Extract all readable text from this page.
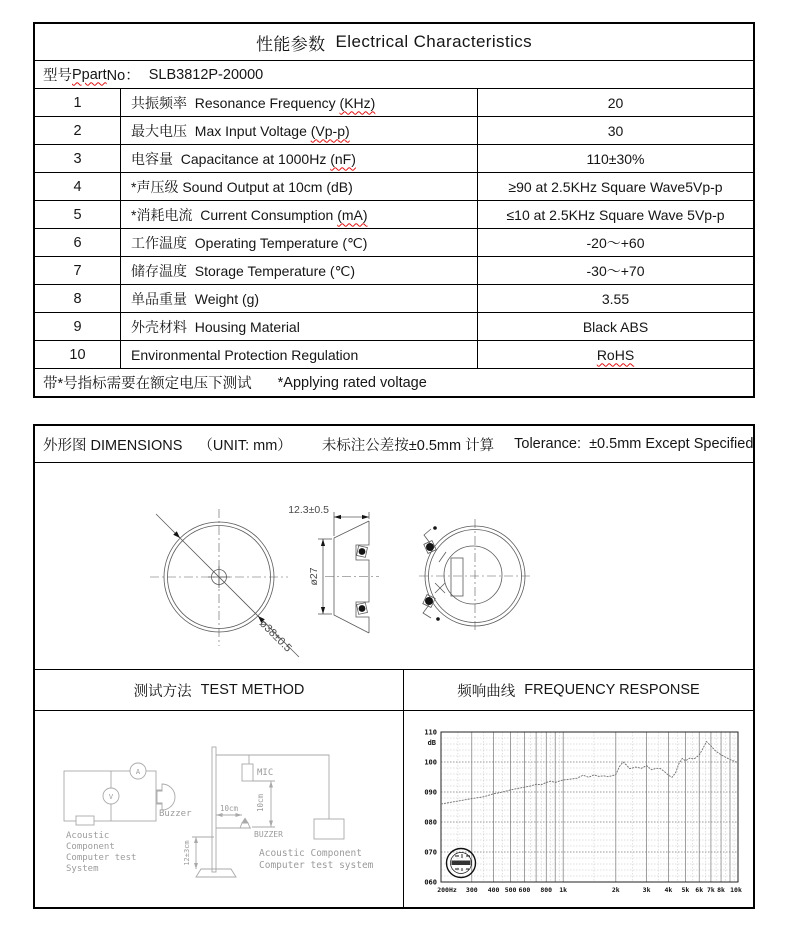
性能参数 Electrical Characteristics
型号 Ppart No： SLB3812P-20000
1	共振频率  Resonance Frequency (KHz)	20
2	最大电压  Max Input Voltage (Vp-p)	30
3	电容量  Capacitance at 1000Hz (nF)	110±30%
4	*声压级 Sound Output at 10cm (dB)	≥90 at 2.5KHz Square Wave5Vp-p
5	*消耗电流  Current Consumption (mA)	≤10 at 2.5KHz Square Wave 5Vp-p
6	工作温度  Operating Temperature (℃)	-20～+60
7	储存温度  Storage Temperature (℃)	-30～+70
8	单品重量  Weight (g)	3.55
9	外壳材料  Housing Material	Black ABS
10	Environmental Protection Regulation	RoHS
带*号指标需要在额定电压下测试 *Applying rated voltage
外形图 DIMENSIONS （UNIT: mm） 未标注公差按±0.5mm 计算 Tolerance:  ±0.5mm Except Specified
ø38±0.5
12.3±0.5
ø27
测试方法 TEST METHOD	频响曲线 FREQUENCY RESPONSE
A
V
Buzzer
Acoustic
Component
Computer test
System
MIC
10cm
10cm
BUZZER
12±3cm	Acoustic Component
Computer test system
110
100
090
080
070
060
dB
200Hz 300 400 500 600 800 1k	2k	3k 4k 5k 6k 7k 8k 10k
